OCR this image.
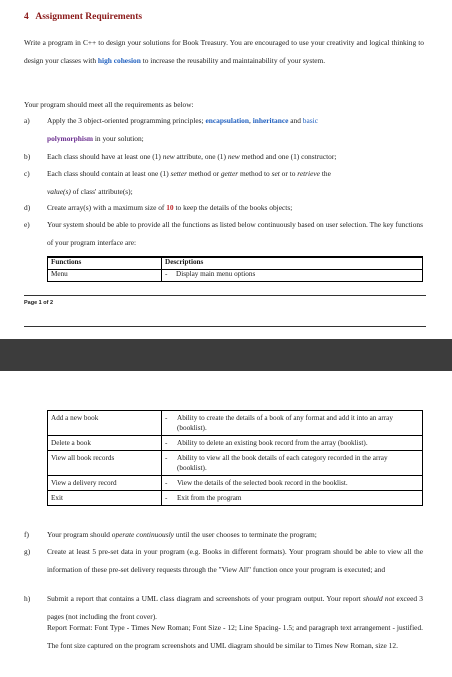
4 Assignment Requirements
Write a program in C++ to design your solutions for Book Treasury. You are encouraged to use your creativity and logical thinking to design your classes with high cohesion to increase the reusability and maintainability of your system.
Your program should meet all the requirements as below:
a) Apply the 3 object-oriented programming principles; encapsulation, inheritance and basic
polymorphism in your solution;
b) Each class should have at least one (1) new attribute, one (1) new method and one (1) constructor;
c) Each class should contain at least one (1) setter method or getter method to set or to retrieve the
value(s) of class' attribute(s);
d) Create array(s) with a maximum size of 10 to keep the details of the books objects;
e) Your system should be able to provide all the functions as listed below continuously based on user selection. The key functions of your program interface are:
Functions	Descriptions
Menu	- Display main menu options
Page 1 of 2
Add a new book	- Ability to create the details of a book of any format and add it into an array (booklist).

Delete a book	- Ability to delete an existing book record from the array (booklist).

View all book records	- Ability to view all the book details of each category recorded in the array (booklist).

View a delivery record	- View the details of the selected book record in the booklist.

Exit	- Exit from the program
f) Your program should operate continuously until the user chooses to terminate the program;
g) Create at least 5 pre-set data in your program (e.g. Books in different formats). Your program should be able to view all the information of these pre-set delivery requests through the "View All" function once your program is executed; and
h) Submit a report that contains a UML class diagram and screenshots of your program output. Your report should not exceed 3 pages (not including the front cover).
Report Format: Font Type - Times New Roman; Font Size - 12; Line Spacing- 1.5; and paragraph text arrangement - justified. The font size captured on the program screenshots and UML diagram should be similar to Times New Roman, size 12.
